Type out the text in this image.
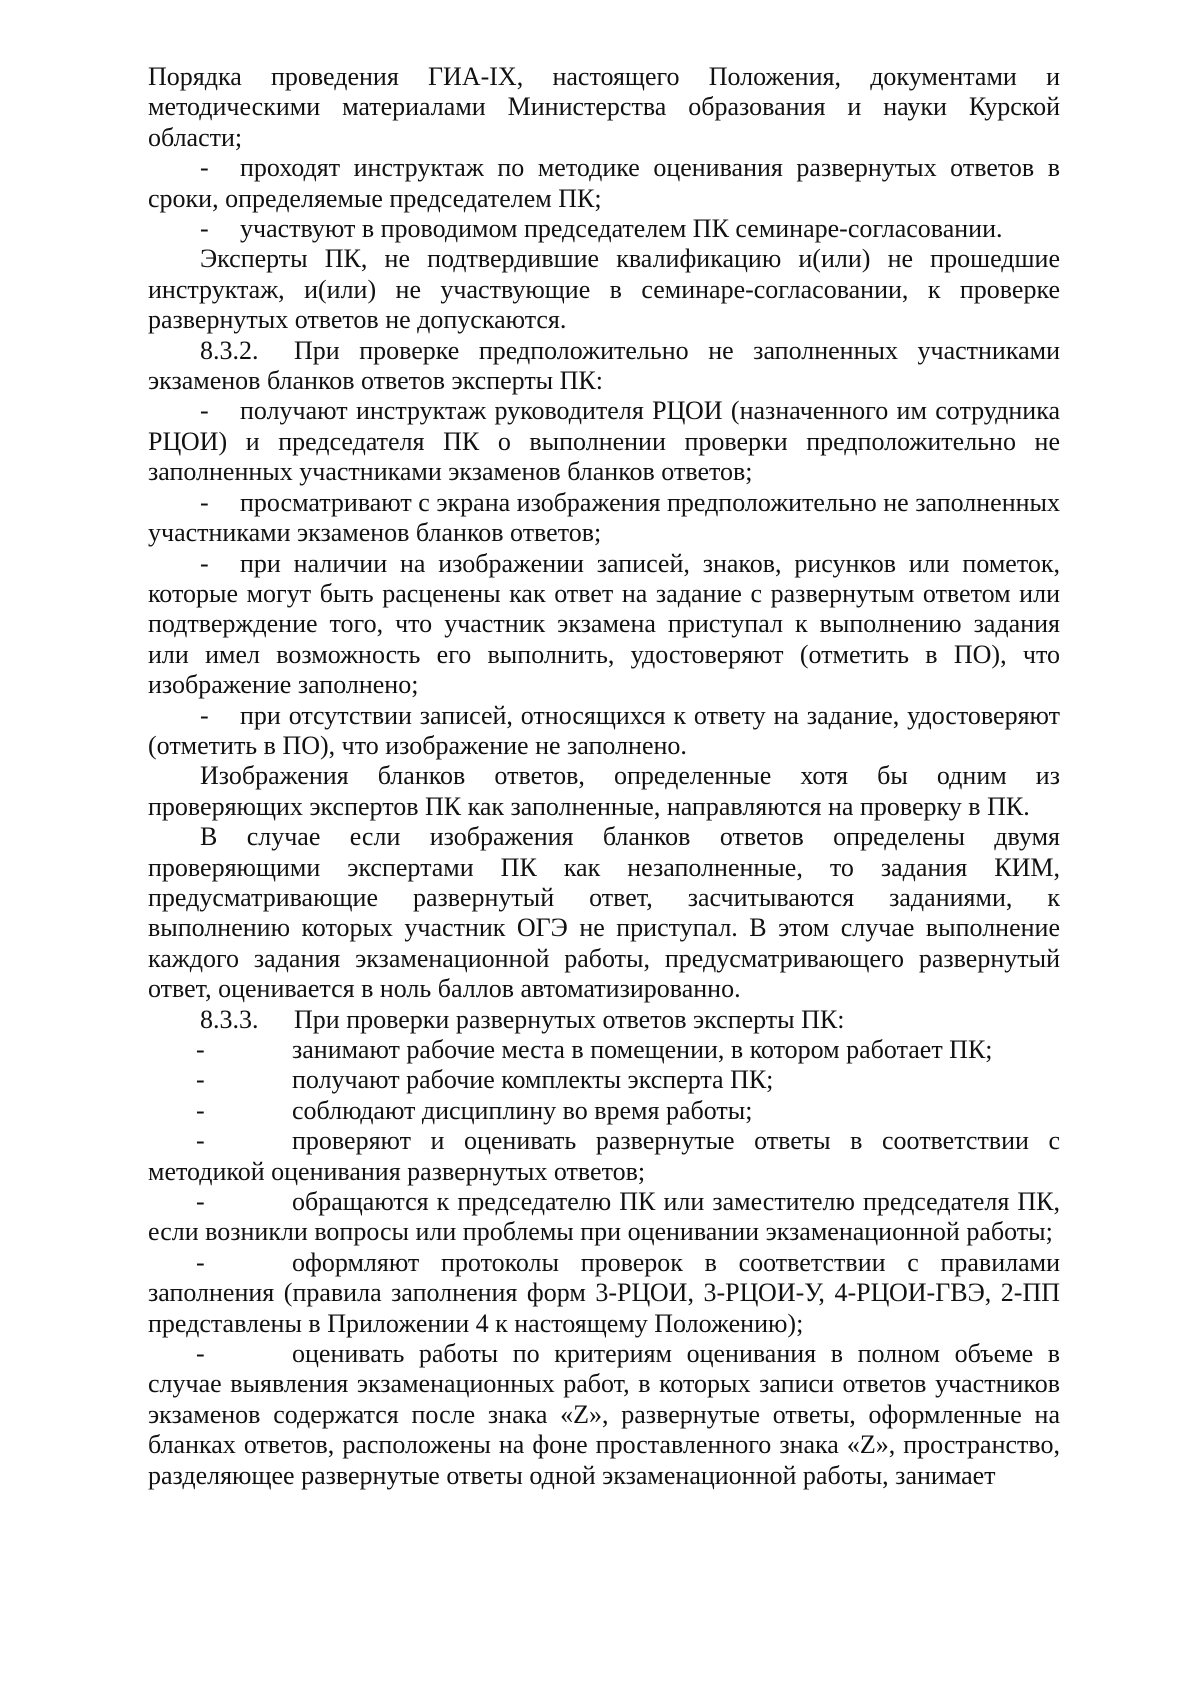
Порядка проведения ГИА-IX, настоящего Положения, документами и методическими материалами Министерства образования и науки Курской области;

- проходят инструктаж по методике оценивания развернутых ответов в сроки, определяемые председателем ПК;

- участвуют в проводимом председателем ПК семинаре-согласовании.

Эксперты ПК, не подтвердившие квалификацию и(или) не прошедшие инструктаж, и(или) не участвующие в семинаре-согласовании, к проверке развернутых ответов не допускаются.

8.3.2. При проверке предположительно не заполненных участниками экзаменов бланков ответов эксперты ПК:

- получают инструктаж руководителя РЦОИ (назначенного им сотрудника РЦОИ) и председателя ПК о выполнении проверки предположительно не заполненных участниками экзаменов бланков ответов;

- просматривают с экрана изображения предположительно не заполненных участниками экзаменов бланков ответов;

- при наличии на изображении записей, знаков, рисунков или пометок, которые могут быть расценены как ответ на задание с развернутым ответом или подтверждение того, что участник экзамена приступал к выполнению задания или имел возможность его выполнить, удостоверяют (отметить в ПО), что изображение заполнено;

- при отсутствии записей, относящихся к ответу на задание, удостоверяют (отметить в ПО), что изображение не заполнено.

Изображения бланков ответов, определенные хотя бы одним из проверяющих экспертов ПК как заполненные, направляются на проверку в ПК.

В случае если изображения бланков ответов определены двумя проверяющими экспертами ПК как незаполненные, то задания КИМ, предусматривающие развернутый ответ, засчитываются заданиями, к выполнению которых участник ОГЭ не приступал. В этом случае выполнение каждого задания экзаменационной работы, предусматривающего развернутый ответ, оценивается в ноль баллов автоматизированно.

8.3.3. При проверки развернутых ответов эксперты ПК:

-	занимают рабочие места в помещении, в котором работает ПК;

-	получают рабочие комплекты эксперта ПК;

-	соблюдают дисциплину во время работы;

-	проверяют и оценивать развернутые ответы в соответствии с методикой оценивания развернутых ответов;

-	обращаются к председателю ПК или заместителю председателя ПК, если возникли вопросы или проблемы при оценивании экзаменационной работы;

-	оформляют протоколы проверок в соответствии с правилами заполнения (правила заполнения форм 3-РЦОИ, 3-РЦОИ-У, 4-РЦОИ-ГВЭ, 2-ПП представлены в Приложении 4 к настоящему Положению);

-	оценивать работы по критериям оценивания в полном объеме в случае выявления экзаменационных работ, в которых записи ответов участников экзаменов содержатся после знака «Z», развернутые ответы, оформленные на бланках ответов, расположены на фоне проставленного знака «Z», пространство, разделяющее развернутые ответы одной экзаменационной работы, занимает
